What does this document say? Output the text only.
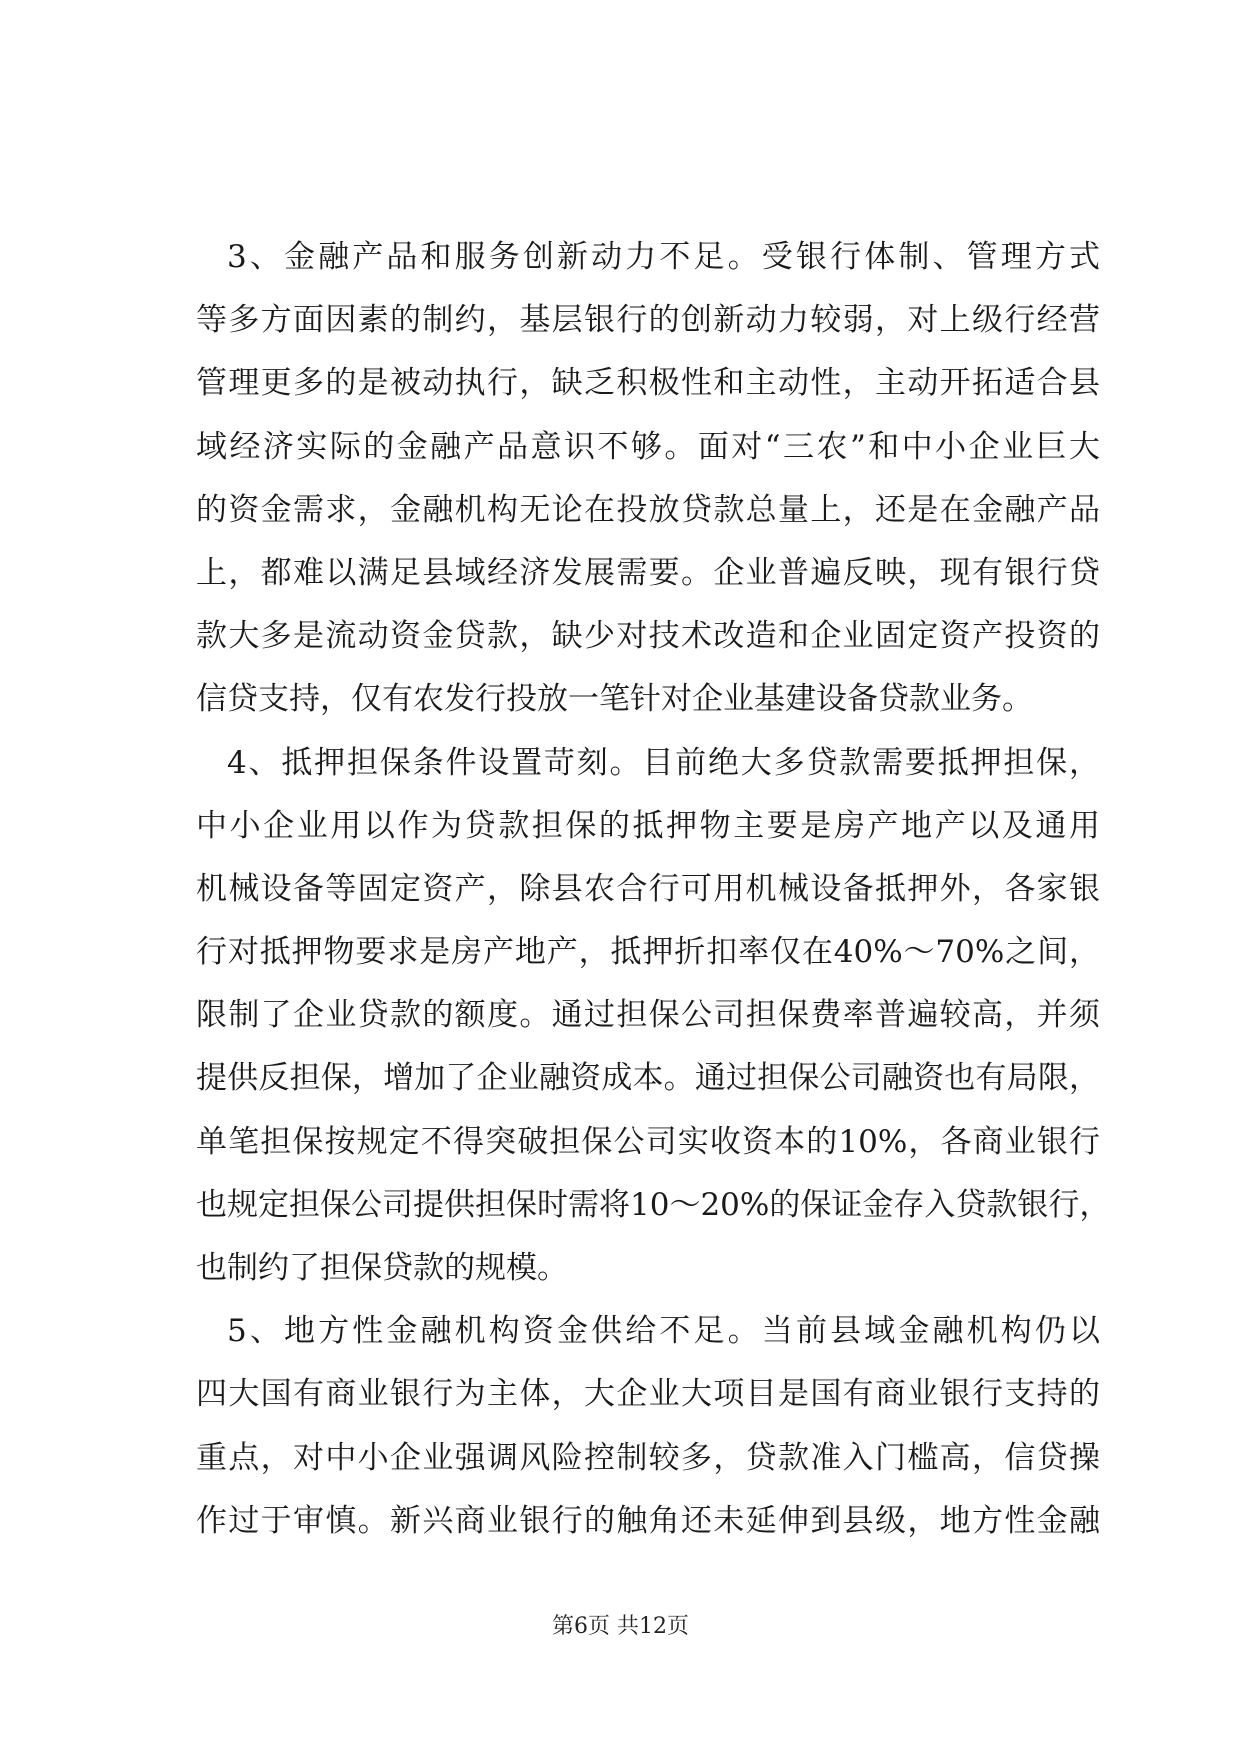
3、金融产品和服务创新动力不足。受银行体制、管理方式
等多方面因素的制约，基层银行的创新动力较弱，对上级行经营
管理更多的是被动执行，缺乏积极性和主动性，主动开拓适合县
域经济实际的金融产品意识不够。面对“三农”和中小企业巨大
的资金需求，金融机构无论在投放贷款总量上，还是在金融产品
上，都难以满足县域经济发展需要。企业普遍反映，现有银行贷
款大多是流动资金贷款，缺少对技术改造和企业固定资产投资的
信贷支持，仅有农发行投放一笔针对企业基建设备贷款业务。
4、抵押担保条件设置苛刻。目前绝大多贷款需要抵押担保，
中小企业用以作为贷款担保的抵押物主要是房产地产以及通用
机械设备等固定资产，除县农合行可用机械设备抵押外，各家银
行对抵押物要求是房产地产，抵押折扣率仅在40%～70%之间，
限制了企业贷款的额度。通过担保公司担保费率普遍较高，并须
提供反担保，增加了企业融资成本。通过担保公司融资也有局限，
单笔担保按规定不得突破担保公司实收资本的10%，各商业银行
也规定担保公司提供担保时需将10～20%的保证金存入贷款银行，
也制约了担保贷款的规模。
5、地方性金融机构资金供给不足。当前县域金融机构仍以
四大国有商业银行为主体，大企业大项目是国有商业银行支持的
重点，对中小企业强调风险控制较多，贷款准入门槛高，信贷操
作过于审慎。新兴商业银行的触角还未延伸到县级，地方性金融
第6页 共12页
